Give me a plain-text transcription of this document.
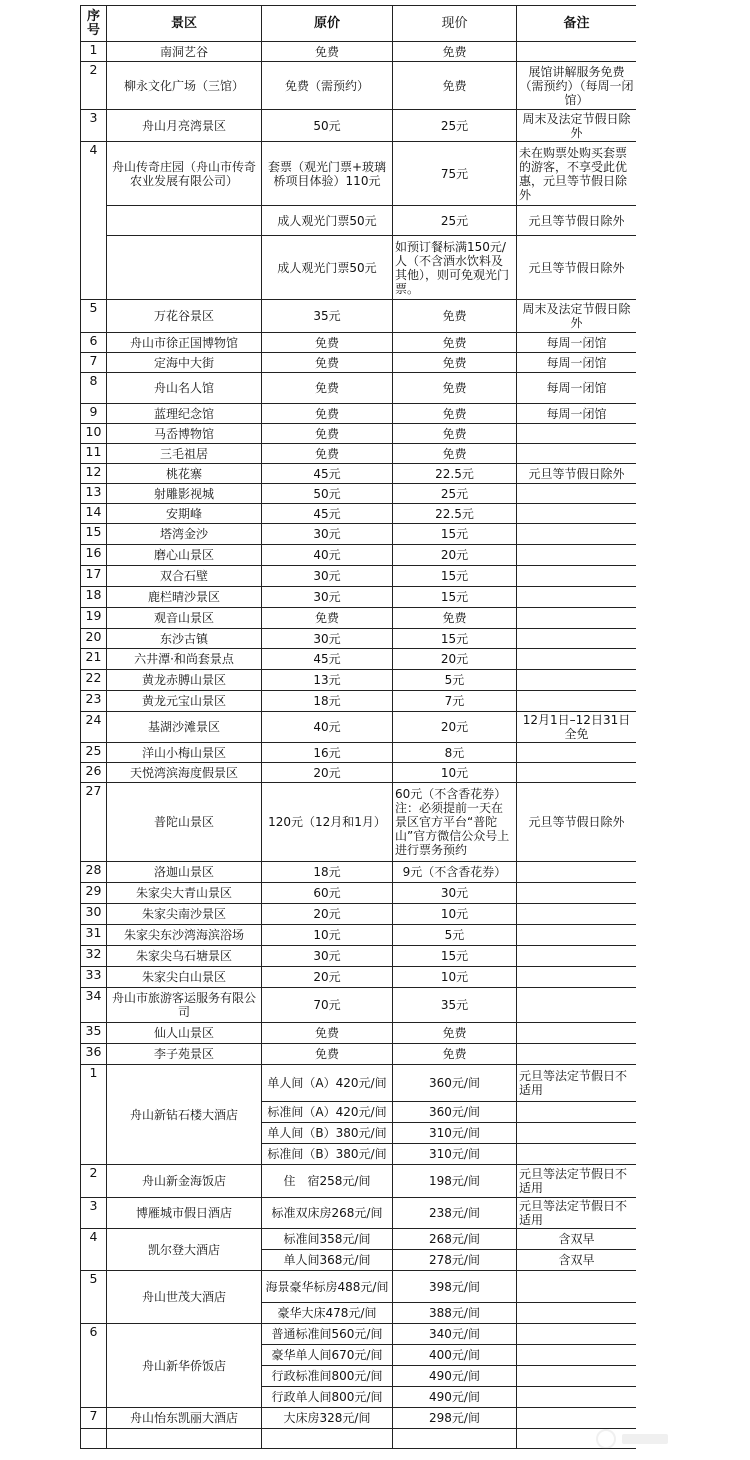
序号	景区	原价	现价	备注
1	南洞艺谷	免费	免费	
2	柳永文化广场（三馆）	免费（需预约）	免费	展馆讲解服务免费（需预约）（每周一闭馆）
3	舟山月亮湾景区	50元	25元	周末及法定节假日除外
4	舟山传奇庄园（舟山市传奇农业发展有限公司）	套票（观光门票+玻璃桥项目体验）110元	75元	未在购票处购买套票的游客，不享受此优惠，元旦等节假日除外
		成人观光门票50元	25元	元旦等节假日除外
		成人观光门票50元	如预订餐标满150元/人（不含酒水饮料及其他），则可免观光门票。	元旦等节假日除外
5	万花谷景区	35元	免费	周末及法定节假日除外
6	舟山市徐正国博物馆	免费	免费	每周一闭馆
7	定海中大街	免费	免费	每周一闭馆
8	舟山名人馆	免费	免费	每周一闭馆
9	蓝理纪念馆	免费	免费	每周一闭馆
10	马岙博物馆	免费	免费	
11	三毛祖居	免费	免费	
12	桃花寨	45元	22.5元	元旦等节假日除外
13	射雕影视城	50元	25元	
14	安期峰	45元	22.5元	
15	塔湾金沙	30元	15元	
16	磨心山景区	40元	20元	
17	双合石壁	30元	15元	
18	鹿栏晴沙景区	30元	15元	
19	观音山景区	免费	免费	
20	东沙古镇	30元	15元	
21	六井潭·和尚套景点	45元	20元	
22	黄龙赤膊山景区	13元	5元	
23	黄龙元宝山景区	18元	7元	
24	基湖沙滩景区	40元	20元	12月1日–12日31日全免
25	洋山小梅山景区	16元	8元	
26	天悦湾滨海度假景区	20元	10元	
27	普陀山景区	120元（12月和1月）	60元（不含香花券）注：必须提前一天在景区官方平台“普陀山”官方微信公众号上进行票务预约	元旦等节假日除外
28	洛迦山景区	18元	9元（不含香花券）	
29	朱家尖大青山景区	60元	30元	
30	朱家尖南沙景区	20元	10元	
31	朱家尖东沙湾海滨浴场	10元	5元	
32	朱家尖乌石塘景区	30元	15元	
33	朱家尖白山景区	20元	10元	
34	舟山市旅游客运服务有限公司	70元	35元	
35	仙人山景区	免费	免费	
36	李子苑景区	免费	免费	
1	舟山新钻石楼大酒店	单人间（A）420元/间	360元/间	元旦等法定节假日不适用
		标准间（A）420元/间	360元/间	
		单人间（B）380元/间	310元/间	
		标准间（B）380元/间	310元/间	
2	舟山新金海饭店	住　宿258元/间	198元/间	元旦等法定节假日不适用
3	博雁城市假日酒店	标准双床房268元/间	238元/间	元旦等法定节假日不适用
4	凯尔登大酒店	标准间358元/间	268元/间	含双早
		单人间368元/间	278元/间	含双早
5	舟山世茂大酒店	海景豪华标房488元/间	398元/间	
		豪华大床478元/间	388元/间	
6	舟山新华侨饭店	普通标准间560元/间	340元/间	
		豪华单人间670元/间	400元/间	
		行政标准间800元/间	490元/间	
		行政单人间800元/间	490元/间	
7	舟山怡东凯丽大酒店	大床房328元/间	298元/间	
